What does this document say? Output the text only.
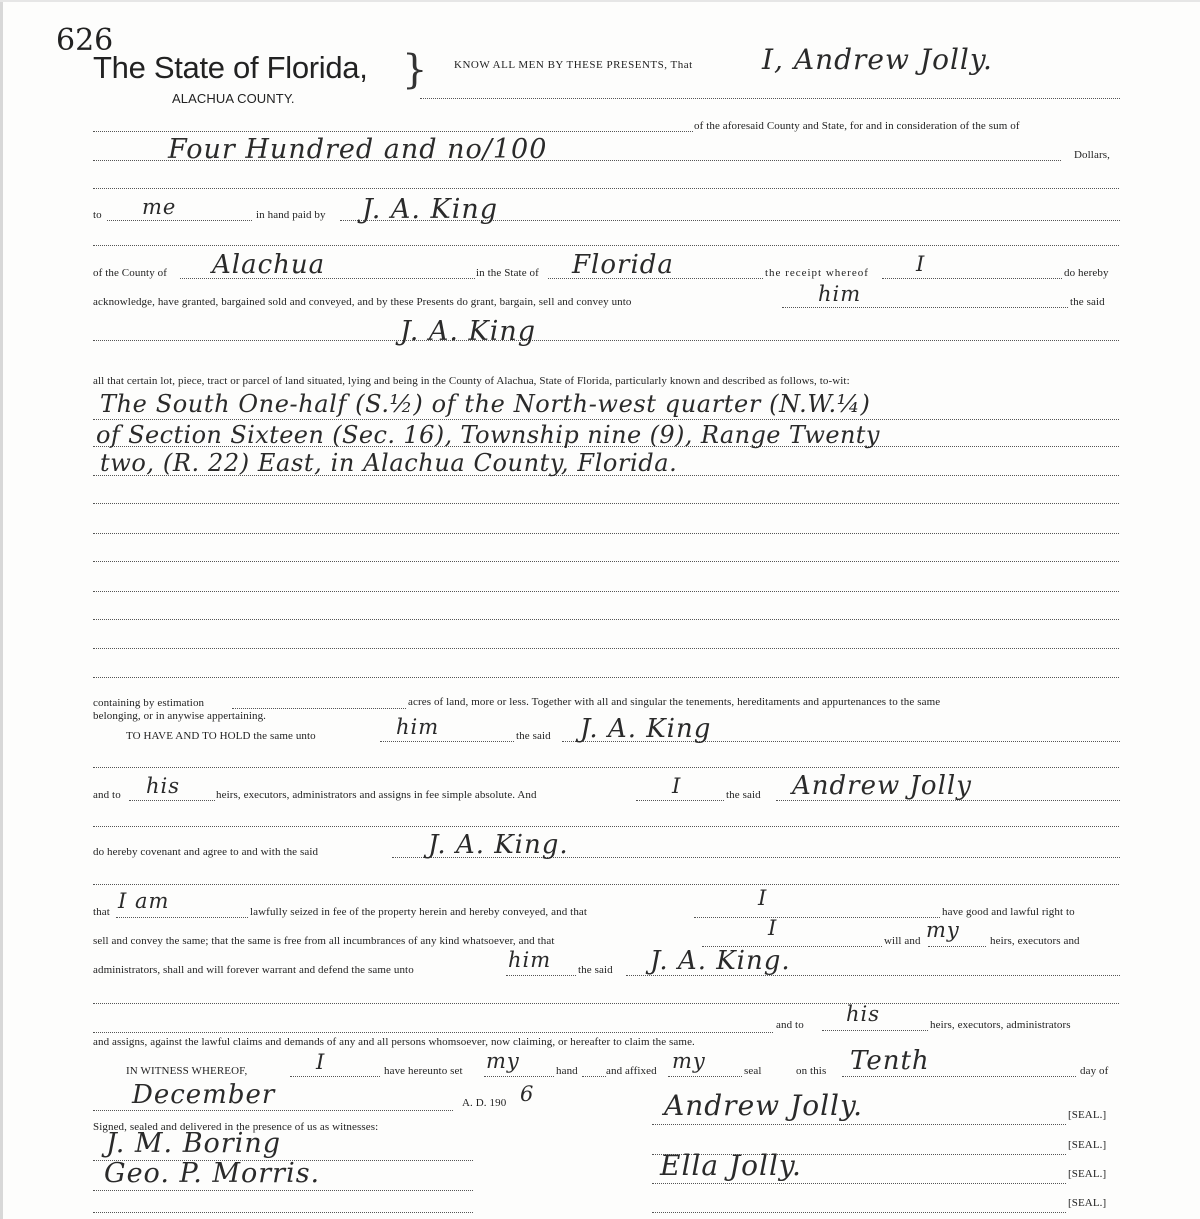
626
The State of Florida, }
ALACHUA COUNTY.
KNOW ALL MEN BY THESE PRESENTS, That I, Andrew Jolly.
of the aforesaid County and State, for and in consideration of the sum of
Four Hundred and no/100	Dollars,
to me	in hand paid by J. A. King
of the County of Alachua	in the State of Florida	the receipt whereof I	do hereby
acknowledge, have granted, bargained sold and conveyed, and by these Presents do grant, bargain, sell and convey unto	him	the said
J. A. King
all that certain lot, piece, tract or parcel of land situated, lying and being in the County of Alachua, State of Florida, particularly known and described as follows, to-wit:
The South One-half (S.½) of the North-west quarter (N.W.¼)
of Section Sixteen (Sec. 16), Township nine (9), Range Twenty
two, (R. 22) East, in Alachua County, Florida.
containing by estimation	acres of land, more or less. Together with all and singular the tenements, hereditaments and appurtenances to the same
belonging, or in anywise appertaining.
TO HAVE AND TO HOLD the same unto	him	the said J. A. King
and to his	heirs, executors, administrators and assigns in fee simple absolute. And	I	the said Andrew Jolly
do hereby covenant and agree to and with the said	J. A. King.
that I am	lawfully seized in fee of the property herein and hereby conveyed, and that
I
have good and lawful right to
sell and convey the same; that the same is free from all incumbrances of any kind whatsoever, and that
I
will and my	heirs, executors and
administrators, shall and will forever warrant and defend the same unto	him the said J. A. King.
and to his	heirs, executors, administrators
and assigns, against the lawful claims and demands of any and all persons whomsoever, now claiming, or hereafter to claim the same.
IN WITNESS WHEREOF,	I	have hereunto set my	hand	and affixed my	seal	on this Tenth	day of
December	A. D. 190 6
Signed, sealed and delivered in the presence of us as witnesses:
Andrew Jolly.	[SEAL.]
[SEAL.]
Ella Jolly.	[SEAL.]
[SEAL.]
J. M. Boring
Geo. P. Morris.
